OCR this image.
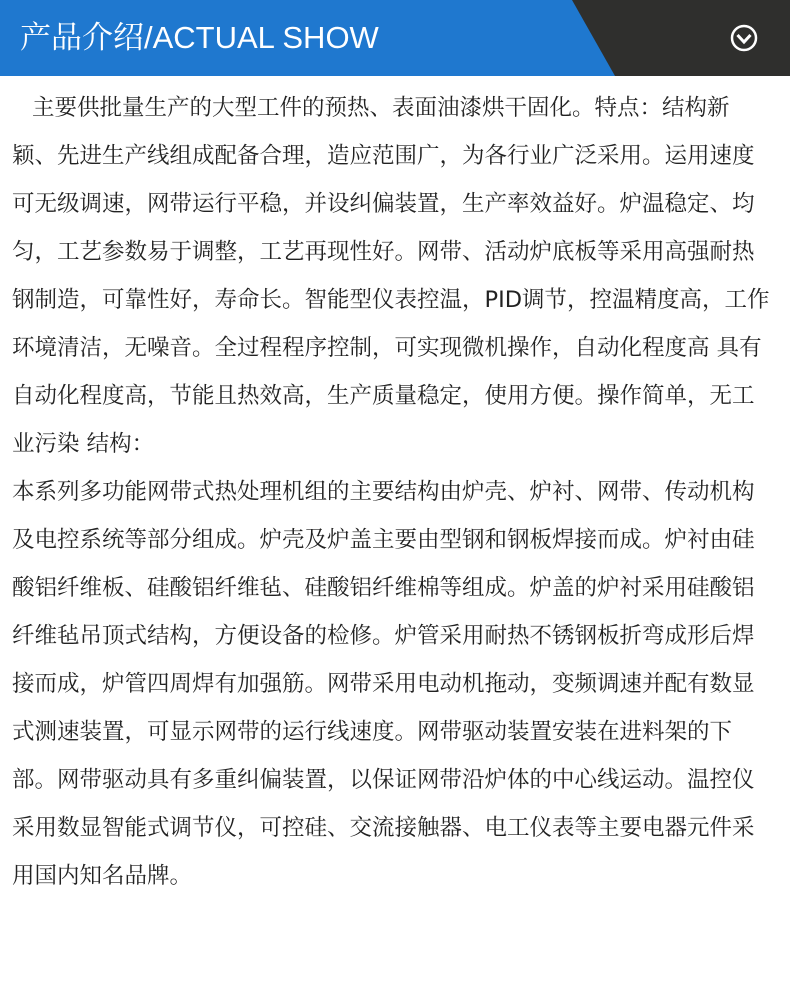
产品介绍/ACTUAL SHOW

主要供批量生产的大型工件的预热、表面油漆烘干固化。特点：结构新颖、先进生产线组成配备合理，造应范围广，为各行业广泛采用。运用速度可无级调速，网带运行平稳，并设纠偏装置，生产率效益好。炉温稳定、均匀，工艺参数易于调整，工艺再现性好。网带、活动炉底板等采用高强耐热钢制造，可靠性好，寿命长。智能型仪表控温，PID调节，控温精度高，工作环境清洁，无噪音。全过程程序控制，可实现微机操作，自动化程度高 具有自动化程度高，节能且热效高，生产质量稳定，使用方便。操作简单，无工业污染 结构：

本系列多功能网带式热处理机组的主要结构由炉壳、炉衬、网带、传动机构及电控系统等部分组成。炉壳及炉盖主要由型钢和钢板焊接而成。炉衬由硅酸铝纤维板、硅酸铝纤维毡、硅酸铝纤维棉等组成。炉盖的炉衬采用硅酸铝纤维毡吊顶式结构，方便设备的检修。炉管采用耐热不锈钢板折弯成形后焊接而成，炉管四周焊有加强筋。网带采用电动机拖动，变频调速并配有数显式测速装置，可显示网带的运行线速度。网带驱动装置安装在进料架的下部。网带驱动具有多重纠偏装置，以保证网带沿炉体的中心线运动。温控仪采用数显智能式调节仪，可控硅、交流接触器、电工仪表等主要电器元件采用国内知名品牌。
